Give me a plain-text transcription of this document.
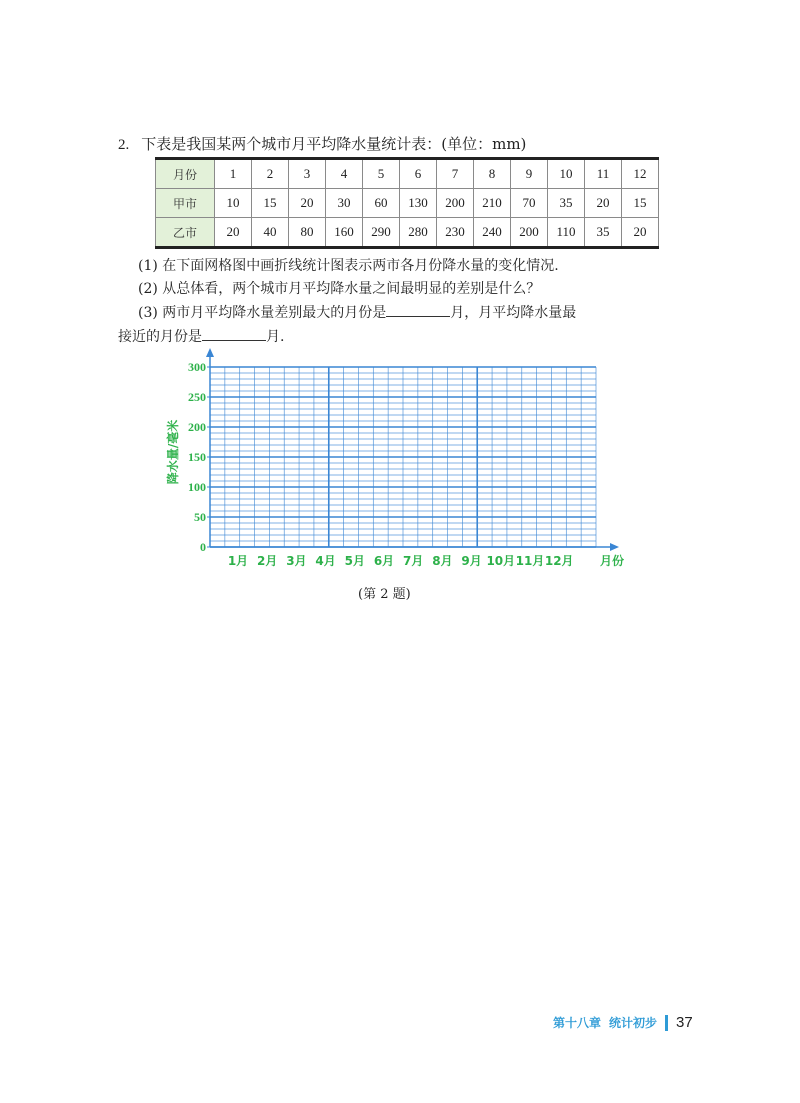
2. 下表是我国某两个城市月平均降水量统计表：(单位：mm)
月份	1	2	3	4	5	6	7	8	9	10	11	12
甲市	10	15	20	30	60	130	200	210	70	35	20	15
乙市	20	40	80	160	290	280	230	240	200	110	35	20
(1) 在下面网格图中画折线统计图表示两市各月份降水量的变化情况.
(2) 从总体看，两个城市月平均降水量之间最明显的差别是什么？
(3) 两市月平均降水量差别最大的月份是	月，月平均降水量最
接近的月份是	月.
0
50
100
150
200
250
300
1月 2月 3月 4月 5月 6月 7月 8月 9月 10月 11月 12月
降水量/毫米
月份
(第 2 题)
第十八章 统计初步 37
